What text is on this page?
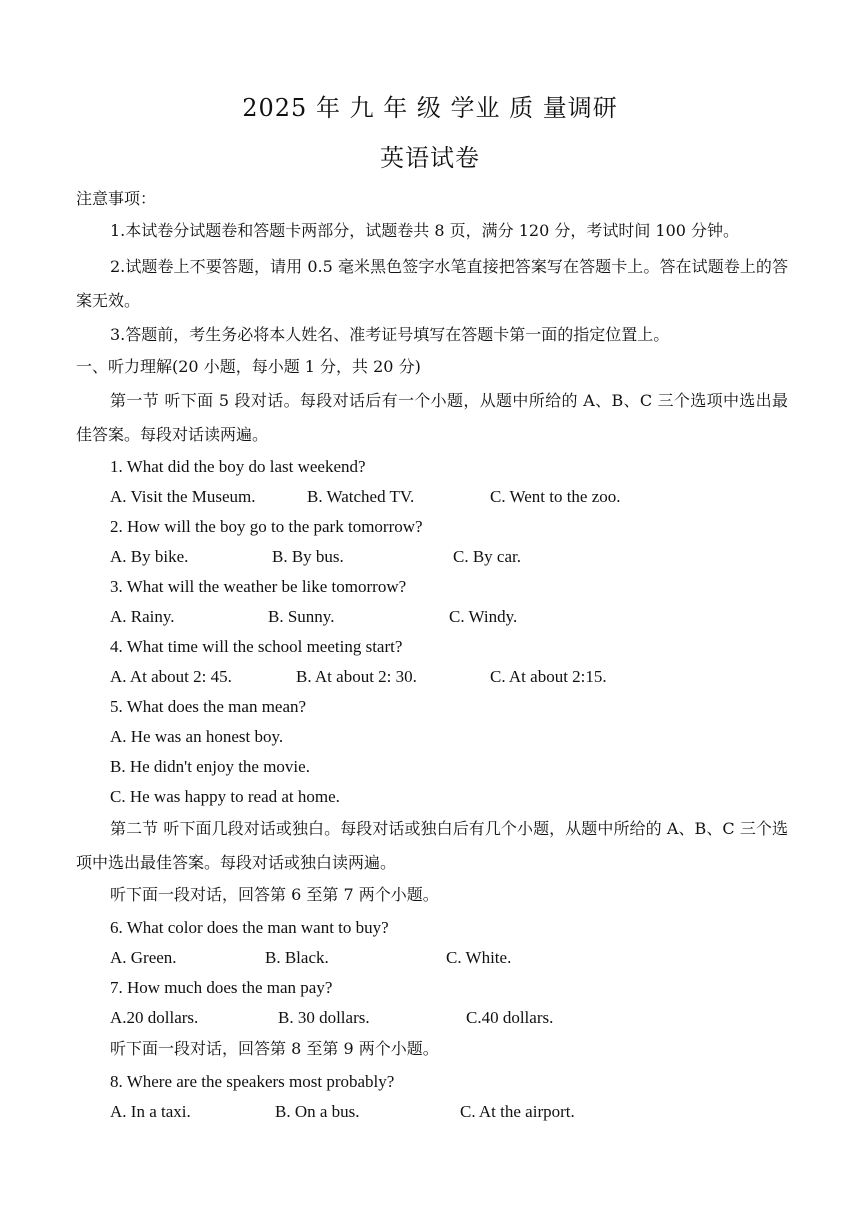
2025 年 九 年 级 学业 质 量调研
英语试卷
注意事项：
1.本试卷分试题卷和答题卡两部分，试题卷共 8 页，满分 120 分，考试时间 100 分钟。
2.试题卷上不要答题，请用 0.5 毫米黑色签字水笔直接把答案写在答题卡上。答在试题卷上的答案无效。
3.答题前，考生务必将本人姓名、准考证号填写在答题卡第一面的指定位置上。
一、听力理解(20 小题，每小题 1 分，共 20 分)
第一节 听下面 5 段对话。每段对话后有一个小题，从题中所给的 A、B、C 三个选项中选出最佳答案。每段对话读两遍。
1. What did the boy do last weekend?
A. Visit the Museum.	B. Watched TV.	C. Went to the zoo.
2. How will the boy go to the park tomorrow?
A. By bike.	B. By bus.	C. By car.
3. What will the weather be like tomorrow?
A. Rainy.	B. Sunny.	C. Windy.
4. What time will the school meeting start?
A. At about 2: 45.	B. At about 2: 30.	C. At about 2:15.
5. What does the man mean?
A. He was an honest boy.
B. He didn't enjoy the movie.
C. He was happy to read at home.
第二节 听下面几段对话或独白。每段对话或独白后有几个小题，从题中所给的 A、B、C 三个选项中选出最佳答案。每段对话或独白读两遍。
听下面一段对话，回答第 6 至第 7 两个小题。
6. What color does the man want to buy?
A. Green.	B. Black.	C. White.
7. How much does the man pay?
A.20 dollars.	B. 30 dollars.	C.40 dollars.
听下面一段对话，回答第 8 至第 9 两个小题。
8. Where are the speakers most probably?
A. In a taxi.	B. On a bus.	C. At the airport.
